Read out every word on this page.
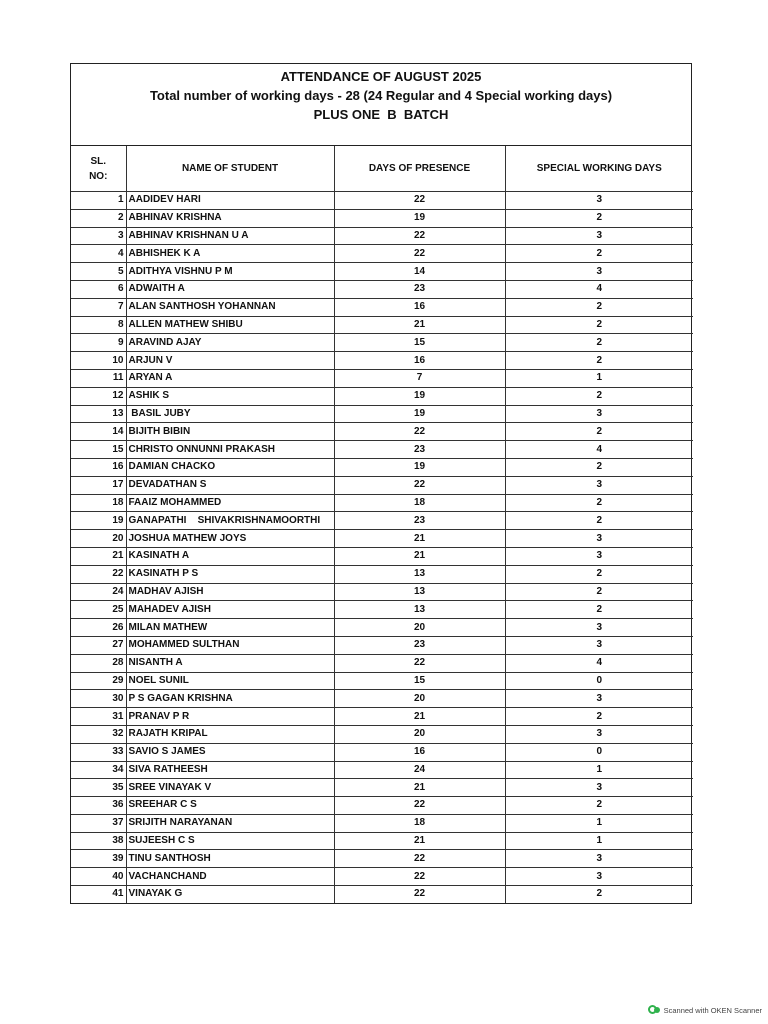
ATTENDANCE OF AUGUST 2025
Total number of working days - 28 (24 Regular and 4 Special working days)
PLUS ONE  B  BATCH
SL.
NO:	NAME OF STUDENT	DAYS OF PRESENCE	SPECIAL WORKING DAYS
1	AADIDEV HARI	22	3
2	ABHINAV KRISHNA	19	2
3	ABHINAV KRISHNAN U A	22	3
4	ABHISHEK K A	22	2
5	ADITHYA VISHNU P M	14	3
6	ADWAITH A	23	4
7	ALAN SANTHOSH YOHANNAN	16	2
8	ALLEN MATHEW SHIBU	21	2
9	ARAVIND AJAY	15	2
10	ARJUN V	16	2
11	ARYAN A	7	1
12	ASHIK S	19	2
13	BASIL JUBY	19	3
14	BIJITH BIBIN	22	2
15	CHRISTO ONNUNNI PRAKASH	23	4
16	DAMIAN CHACKO	19	2
17	DEVADATHAN S	22	3
18	FAAIZ MOHAMMED	18	2
19	GANAPATHI    SHIVAKRISHNAMOORTHI	23	2
20	JOSHUA MATHEW JOYS	21	3
21	KASINATH A	21	3
22	KASINATH P S	13	2
24	MADHAV AJISH	13	2
25	MAHADEV AJISH	13	2
26	MILAN MATHEW	20	3
27	MOHAMMED SULTHAN	23	3
28	NISANTH A	22	4
29	NOEL SUNIL	15	0
30	P S GAGAN KRISHNA	20	3
31	PRANAV P R	21	2
32	RAJATH KRIPAL	20	3
33	SAVIO S JAMES	16	0
34	SIVA RATHEESH	24	1
35	SREE VINAYAK V	21	3
36	SREEHAR C S	22	2
37	SRIJITH NARAYANAN	18	1
38	SUJEESH C S	21	1
39	TINU SANTHOSH	22	3
40	VACHANCHAND	22	3
41	VINAYAK G	22	2
Scanned with OKEN Scanner
